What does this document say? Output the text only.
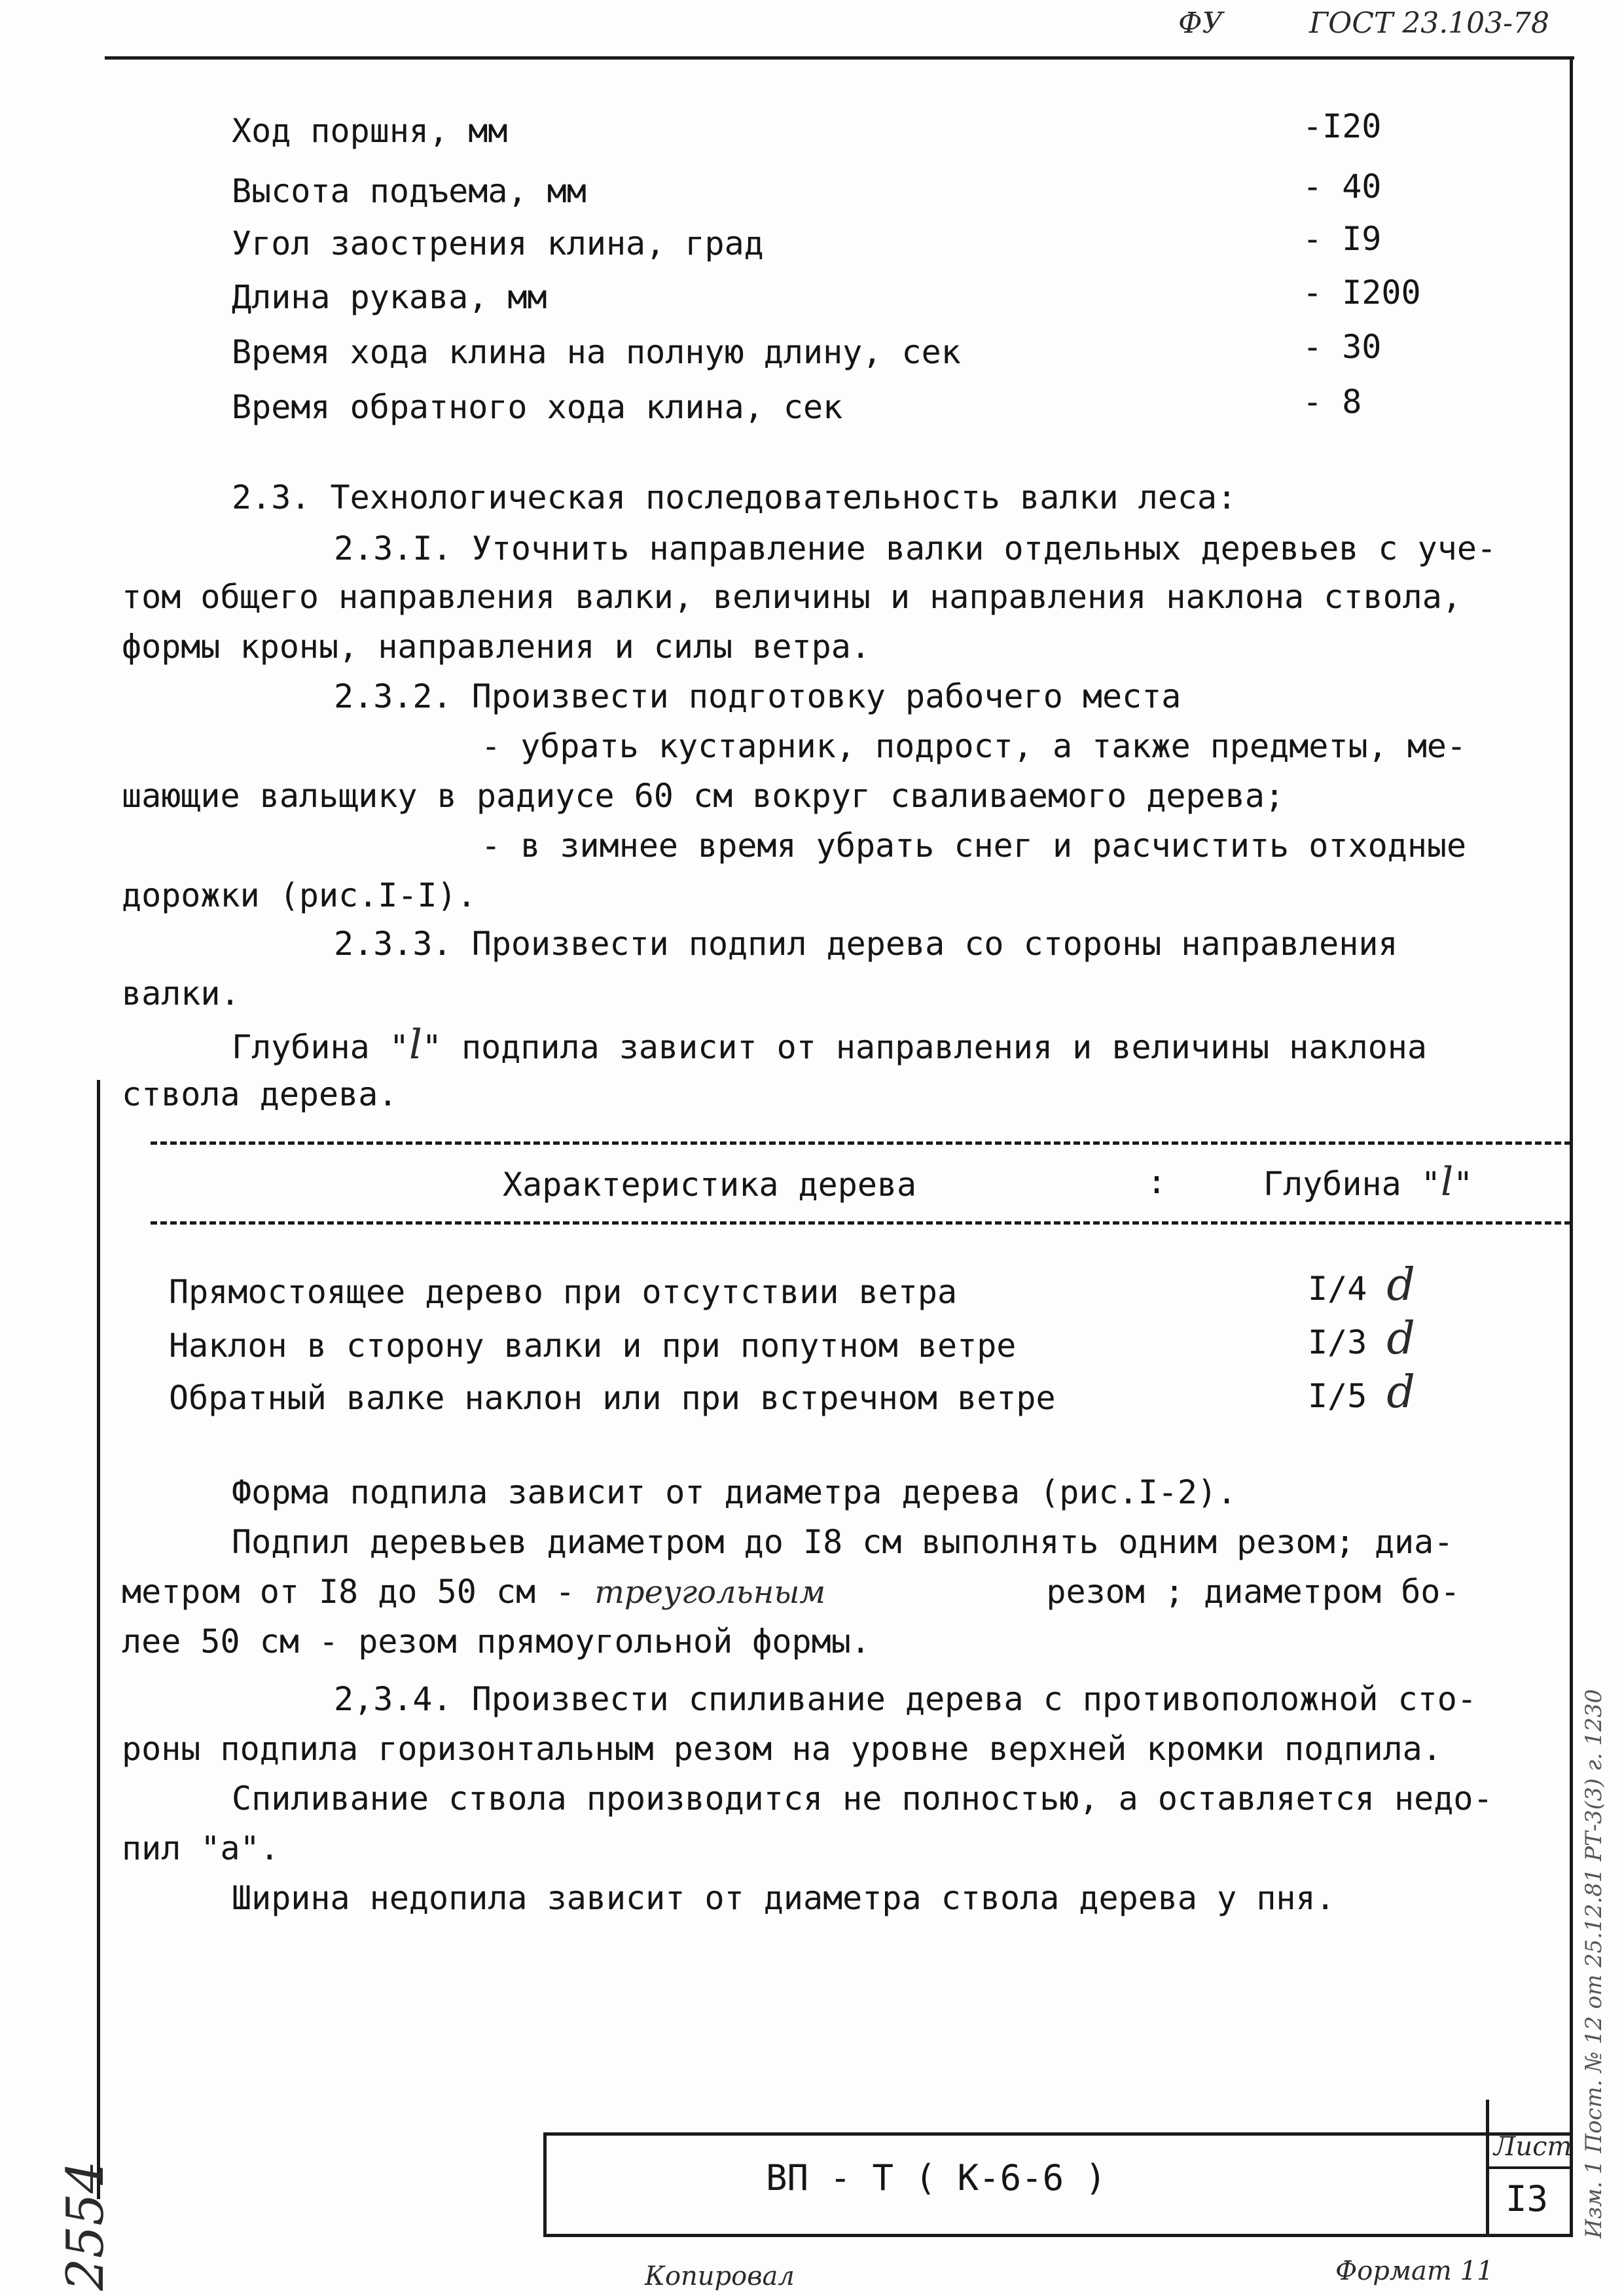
ФУ	ГОСТ 23.103-78
Ход поршня, мм	-I20
Высота подъема, мм	- 40
Угол заострения клина, град	- I9
Длина рукава, мм	- I200
Время хода клина на полную длину, сек	- 30
Время обратного хода клина, сек	- 8
2.3. Технологическая последовательность валки леса:
2.3.I. Уточнить направление валки отдельных деревьев с уче-
том общего направления валки, величины и направления наклона ствола,
формы кроны, направления и силы ветра.
2.3.2. Произвести подготовку рабочего места
- убрать кустарник, подрост, а также предметы, ме-
шающие вальщику в радиусе 60 см вокруг сваливаемого дерева;
- в зимнее время убрать снег и расчистить отходные
дорожки (рис.I-I).
2.3.3. Произвести подпил дерева со стороны направления
валки.
Глубина "l" подпила зависит от направления и величины наклона
ствола дерева.
Характеристика дерева	:	Глубина "l"
Прямостоящее дерево при отсутствии ветра	I/4 d
Наклон в сторону валки и при попутном ветре	I/3 d
Обратный валке наклон или при встречном ветре	I/5 d
Форма подпила зависит от диаметра дерева (рис.I-2).
Подпил деревьев диаметром до I8 см выполнять одним резом; диа-
метром от I8 до 50 см - треугольным	резом ; диаметром бо-
лее 50 см - резом прямоугольной формы.
2,3.4. Произвести спиливание дерева с противоположной сто-
роны подпила горизонтальным резом на уровне верхней кромки подпила.
Спиливание ствола производится не полностью, а оставляется недо-
пил "а".
Ширина недопила зависит от диаметра ствола дерева у пня.
ВП - Т ( К-6-6 )
Лист
I3
Копировал	Формат 11
2554	Изм. 1 Пост. № 12 от 25.12.81 РТ-3(3) г. 1230
